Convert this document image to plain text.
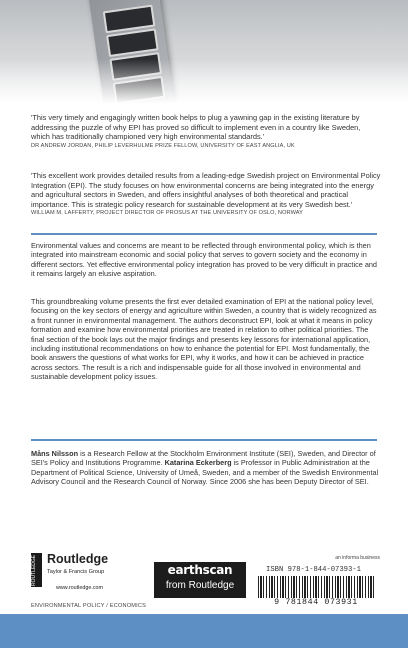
'This very timely and engagingly written book helps to plug a yawning gap in the existing literature by addressing the puzzle of why EPI has proved so difficult to implement even in a country like Sweden, which has traditionally championed very high environmental standards.'

DR ANDREW JORDAN, PHILIP LEVERHULME PRIZE FELLOW, UNIVERSITY OF EAST ANGLIA, UK

'This excellent work provides detailed results from a leading-edge Swedish project on Environmental Policy Integration (EPI). The study focuses on how environmental concerns are being integrated into the energy and agricultural sectors in Sweden, and offers insightful analyses of both theoretical and practical importance. This is strategic policy research for sustainable development at its very Swedish best.'

WILLIAM M. LAFFERTY, PROJECT DIRECTOR OF PROSUS AT THE UNIVERSITY OF OSLO, NORWAY

Environmental values and concerns are meant to be reflected through environmental policy, which is then integrated into mainstream economic and social policy that serves to govern society and the economy in different sectors. Yet effective environmental policy integration has proved to be very difficult in practice and it remains largely an elusive aspiration.

This groundbreaking volume presents the first ever detailed examination of EPI at the national policy level, focusing on the key sectors of energy and agriculture within Sweden, a country that is widely recognized as a front runner in environmental management. The authors deconstruct EPI, look at what it means in policy formation and examine how environmental priorities are treated in relation to other political priorities. The final section of the book lays out the major findings and presents key lessons for international application, including institutional recommendations on how to enhance the potential for EPI. Most fundamentally, the book answers the questions of what works for EPI, why it works, and how it can be achieved in practice across sectors. The result is a rich and indispensable guide for all those involved in environmental and sustainable development policy issues.

Måns Nilsson is a Research Fellow at the Stockholm Environment Institute (SEI), Sweden, and Director of SEI's Policy and Institutions Programme. Katarina Eckerberg is Professor in Public Administration at the Department of Political Science, University of Umeå, Sweden, and a member of the Swedish Environmental Advisory Council and the Research Council of Norway. Since 2006 she has been Deputy Director of SEI.

ROUTLEDGE Routledge
Taylor & Francis Group
www.routledge.com
earthscan
from Routledge
an informa business
ISBN 978-1-844-07393-1
9 781844 073931
ENVIRONMENTAL POLICY / ECONOMICS
